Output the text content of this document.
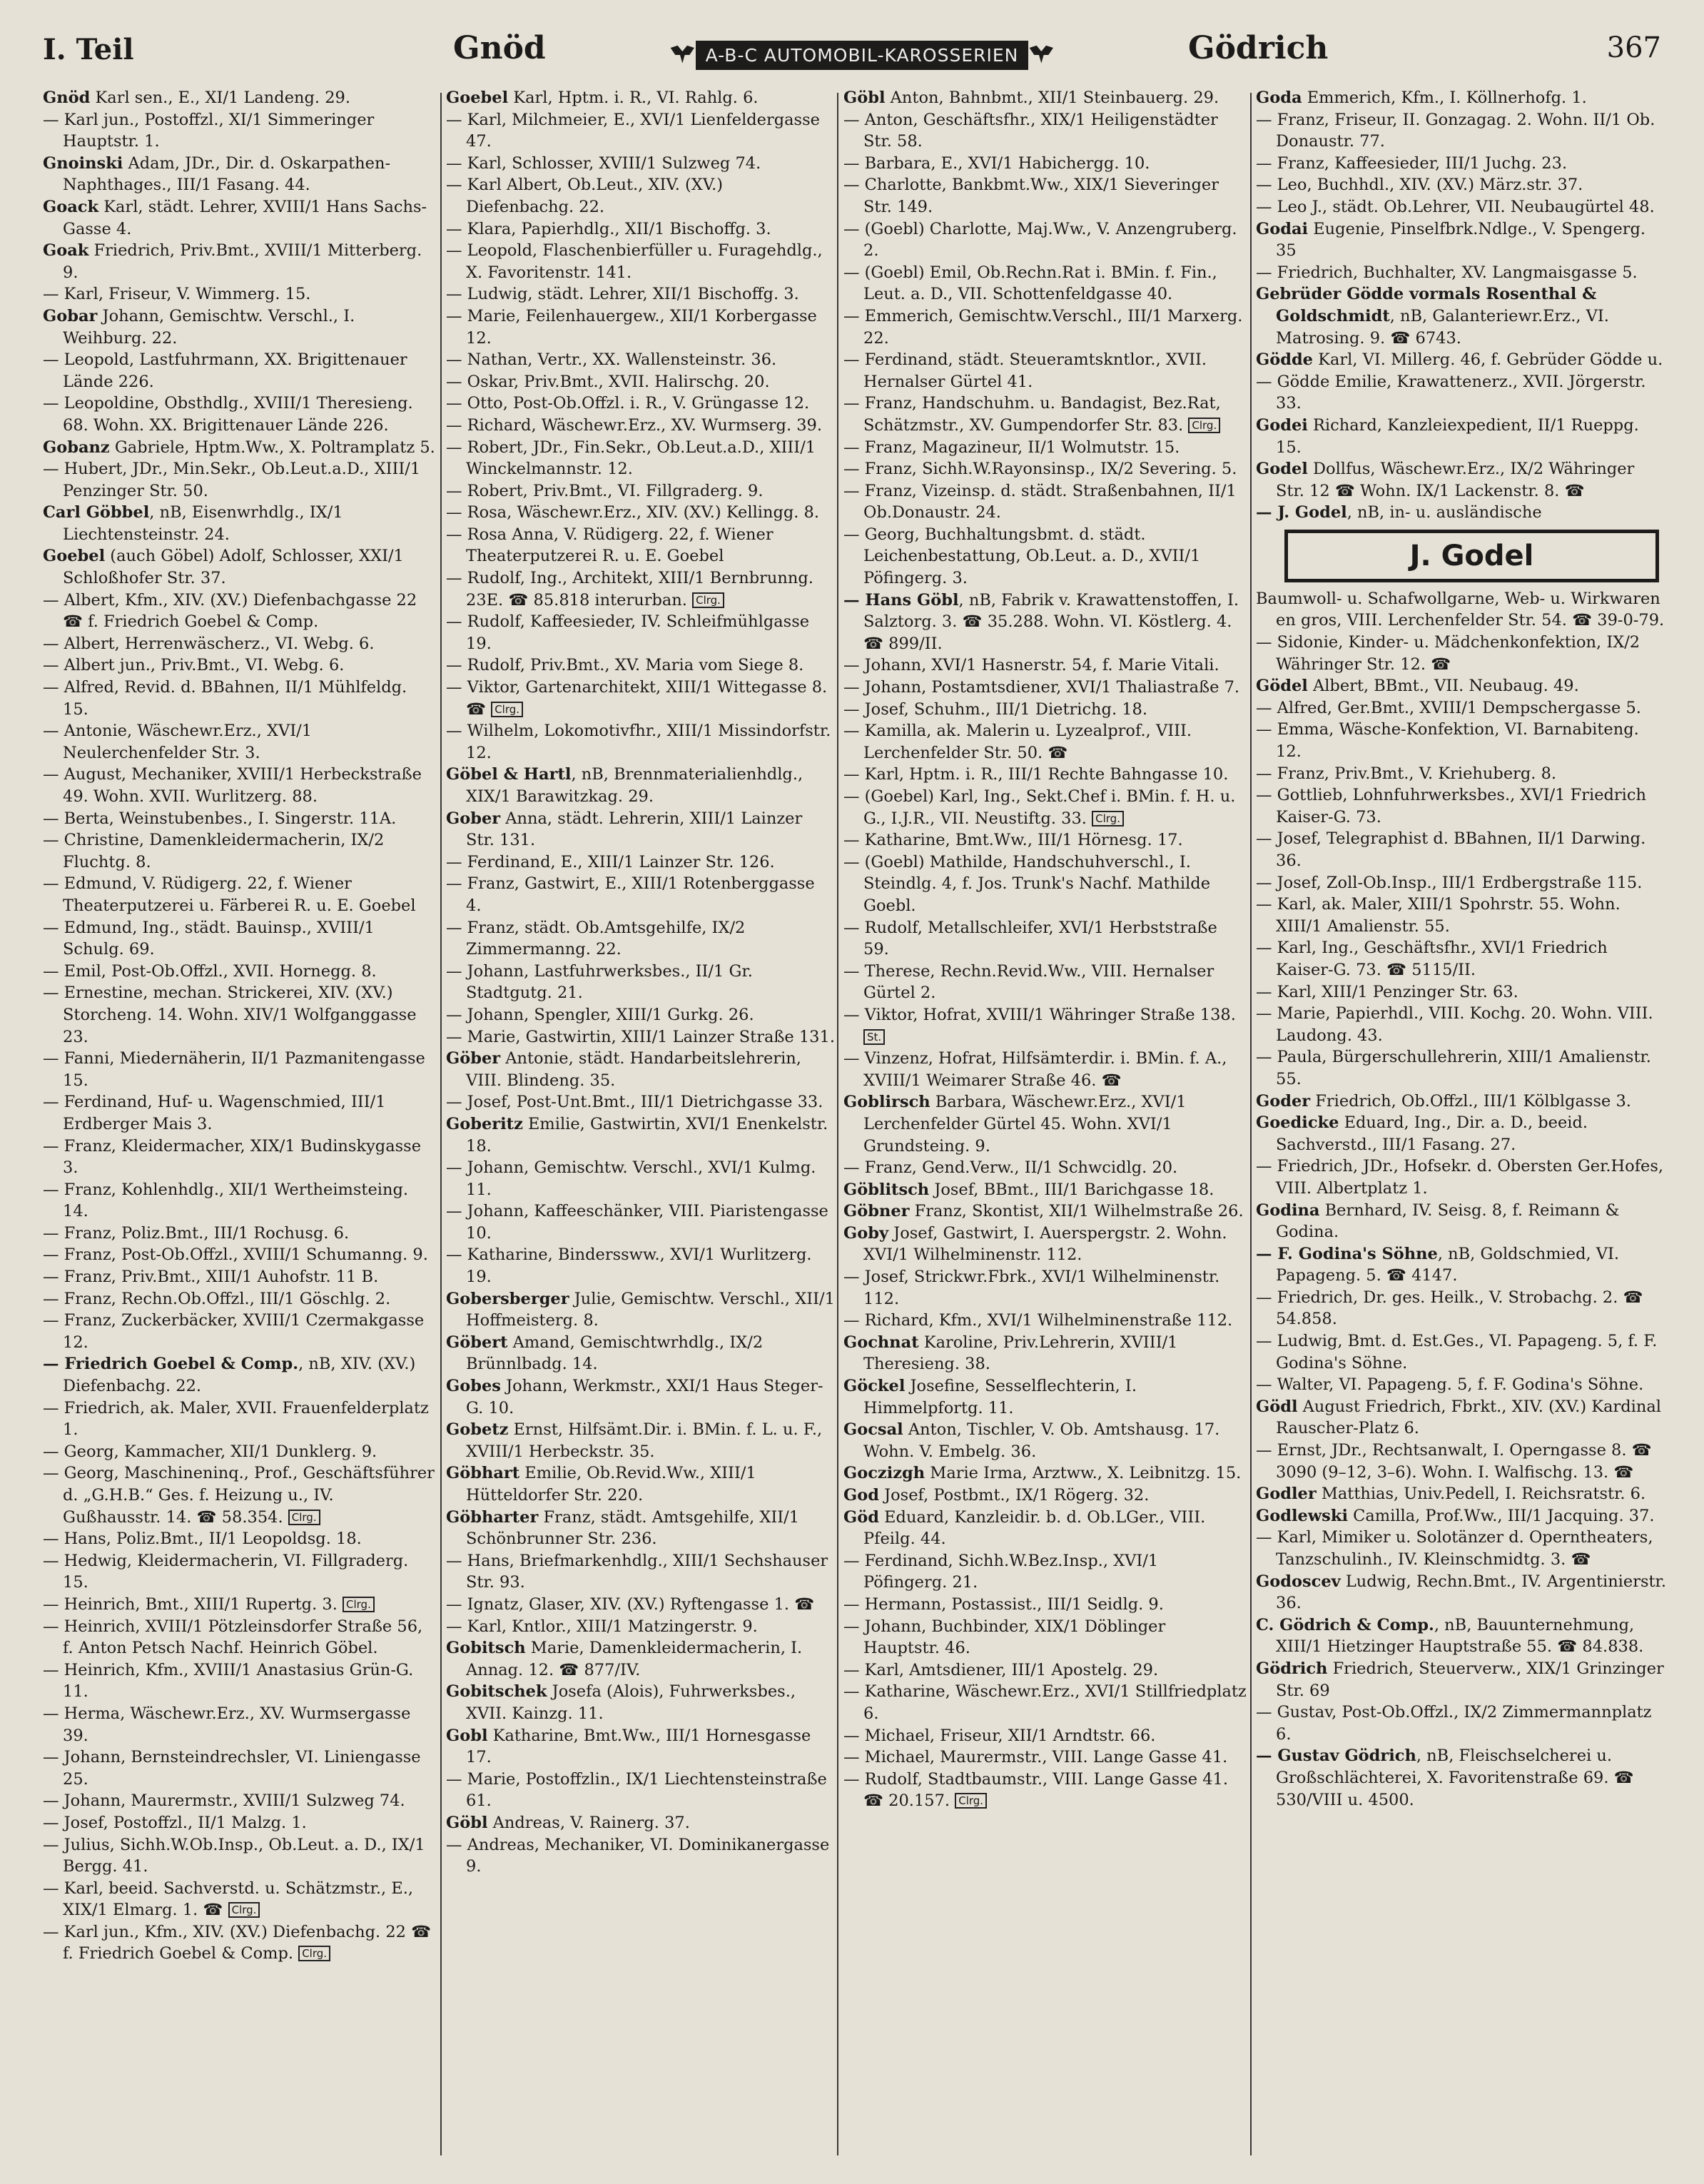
I. Teil	Gnöd	A-B-C AUTOMOBIL-KAROSSERIEN	Gödrich	367

Gnöd Karl sen., E., XI/1 Landeng. 29.

— Karl jun., Postoffzl., XI/1 Simmeringer Hauptstr. 1.

Gnoinski Adam, JDr., Dir. d. Oskarpathen-Naphthages., III/1 Fasang. 44.

Goack Karl, städt. Lehrer, XVIII/1 Hans Sachs-Gasse 4.

Goak Friedrich, Priv.Bmt., XVIII/1 Mitterberg. 9.

— Karl, Friseur, V. Wimmerg. 15.

Gobar Johann, Gemischtw. Verschl., I. Weihburg. 22.

— Leopold, Lastfuhrmann, XX. Brigittenauer Lände 226.

— Leopoldine, Obsthdlg., XVIII/1 Theresieng. 68. Wohn. XX. Brigittenauer Lände 226.

Gobanz Gabriele, Hptm.Ww., X. Poltramplatz 5.

— Hubert, JDr., Min.Sekr., Ob.Leut.a.D., XIII/1 Penzinger Str. 50.

Carl Göbbel, nB, Eisenwrhdlg., IX/1 Liechtensteinstr. 24.

Goebel (auch Göbel) Adolf, Schlosser, XXI/1 Schloßhofer Str. 37.

— Albert, Kfm., XIV. (XV.) Diefenbachgasse 22 ☎ f. Friedrich Goebel & Comp.

— Albert, Herrenwäscherz., VI. Webg. 6.

— Albert jun., Priv.Bmt., VI. Webg. 6.

— Alfred, Revid. d. BBahnen, II/1 Mühlfeldg. 15.

— Antonie, Wäschewr.Erz., XVI/1 Neulerchenfelder Str. 3.

— August, Mechaniker, XVIII/1 Herbeckstraße 49. Wohn. XVII. Wurlitzerg. 88.

— Berta, Weinstubenbes., I. Singerstr. 11A.

— Christine, Damenkleidermacherin, IX/2 Fluchtg. 8.

— Edmund, V. Rüdigerg. 22, f. Wiener Theaterputzerei u. Färberei R. u. E. Goebel

— Edmund, Ing., städt. Bauinsp., XVIII/1 Schulg. 69.

— Emil, Post-Ob.Offzl., XVII. Hornegg. 8.

— Ernestine, mechan. Strickerei, XIV. (XV.) Storcheng. 14. Wohn. XIV/1 Wolfganggasse 23.

— Fanni, Miedernäherin, II/1 Pazmanitengasse 15.

— Ferdinand, Huf- u. Wagenschmied, III/1 Erdberger Mais 3.

— Franz, Kleidermacher, XIX/1 Budinskygasse 3.

— Franz, Kohlenhdlg., XII/1 Wertheimsteing. 14.

— Franz, Poliz.Bmt., III/1 Rochusg. 6.

— Franz, Post-Ob.Offzl., XVIII/1 Schumanng. 9.

— Franz, Priv.Bmt., XIII/1 Auhofstr. 11 B.

— Franz, Rechn.Ob.Offzl., III/1 Göschlg. 2.

— Franz, Zuckerbäcker, XVIII/1 Czermakgasse 12.

— Friedrich Goebel & Comp., nB, XIV. (XV.) Diefenbachg. 22.

— Friedrich, ak. Maler, XVII. Frauenfelderplatz 1.

— Georg, Kammacher, XII/1 Dunklerg. 9.

— Georg, Maschineninq., Prof., Geschäftsführer d. „G.H.B.“ Ges. f. Heizung u., IV. Gußhausstr. 14. ☎ 58.354. Clrg.

— Hans, Poliz.Bmt., II/1 Leopoldsg. 18.

— Hedwig, Kleidermacherin, VI. Fillgraderg. 15.

— Heinrich, Bmt., XIII/1 Rupertg. 3. Clrg.

— Heinrich, XVIII/1 Pötzleinsdorfer Straße 56, f. Anton Petsch Nachf. Heinrich Göbel.

— Heinrich, Kfm., XVIII/1 Anastasius Grün-G. 11.

— Herma, Wäschewr.Erz., XV. Wurmsergasse 39.

— Johann, Bernsteindrechsler, VI. Liniengasse 25.

— Johann, Maurermstr., XVIII/1 Sulzweg 74.

— Josef, Postoffzl., II/1 Malzg. 1.

— Julius, Sichh.W.Ob.Insp., Ob.Leut. a. D., IX/1 Bergg. 41.

— Karl, beeid. Sachverstd. u. Schätzmstr., E., XIX/1 Elmarg. 1. ☎ Clrg.

— Karl jun., Kfm., XIV. (XV.) Diefenbachg. 22 ☎ f. Friedrich Goebel & Comp. Clrg.

Goebel Karl, Hptm. i. R., VI. Rahlg. 6.

— Karl, Milchmeier, E., XVI/1 Lienfeldergasse 47.

— Karl, Schlosser, XVIII/1 Sulzweg 74.

— Karl Albert, Ob.Leut., XIV. (XV.) Diefenbachg. 22.

— Klara, Papierhdlg., XII/1 Bischoffg. 3.

— Leopold, Flaschenbierfüller u. Furagehdlg., X. Favoritenstr. 141.

— Ludwig, städt. Lehrer, XII/1 Bischoffg. 3.

— Marie, Feilenhauergew., XII/1 Korbergasse 12.

— Nathan, Vertr., XX. Wallensteinstr. 36.

— Oskar, Priv.Bmt., XVII. Halirschg. 20.

— Otto, Post-Ob.Offzl. i. R., V. Grüngasse 12.

— Richard, Wäschewr.Erz., XV. Wurmserg. 39.

— Robert, JDr., Fin.Sekr., Ob.Leut.a.D., XIII/1 Winckelmannstr. 12.

— Robert, Priv.Bmt., VI. Fillgraderg. 9.

— Rosa, Wäschewr.Erz., XIV. (XV.) Kellingg. 8.

— Rosa Anna, V. Rüdigerg. 22, f. Wiener Theaterputzerei R. u. E. Goebel

— Rudolf, Ing., Architekt, XIII/1 Bernbrunng. 23E. ☎ 85.818 interurban. Clrg.

— Rudolf, Kaffeesieder, IV. Schleifmühlgasse 19.

— Rudolf, Priv.Bmt., XV. Maria vom Siege 8.

— Viktor, Gartenarchitekt, XIII/1 Wittegasse 8. ☎ Clrg.

— Wilhelm, Lokomotivfhr., XIII/1 Missindorfstr. 12.

Göbel & Hartl, nB, Brennmaterialienhdlg., XIX/1 Barawitzkag. 29.

Gober Anna, städt. Lehrerin, XIII/1 Lainzer Str. 131.

— Ferdinand, E., XIII/1 Lainzer Str. 126.

— Franz, Gastwirt, E., XIII/1 Rotenberggasse 4.

— Franz, städt. Ob.Amtsgehilfe, IX/2 Zimmermanng. 22.

— Johann, Lastfuhrwerksbes., II/1 Gr. Stadtgutg. 21.

— Johann, Spengler, XIII/1 Gurkg. 26.

— Marie, Gastwirtin, XIII/1 Lainzer Straße 131.

Göber Antonie, städt. Handarbeitslehrerin, VIII. Blindeng. 35.

— Josef, Post-Unt.Bmt., III/1 Dietrichgasse 33.

Goberitz Emilie, Gastwirtin, XVI/1 Enenkelstr. 18.

— Johann, Gemischtw. Verschl., XVI/1 Kulmg. 11.

— Johann, Kaffeeschänker, VIII. Piaristengasse 10.

— Katharine, Binderssww., XVI/1 Wurlitzerg. 19.

Gobersberger Julie, Gemischtw. Verschl., XII/1 Hoffmeisterg. 8.

Göbert Amand, Gemischtwrhdlg., IX/2 Brünnlbadg. 14.

Gobes Johann, Werkmstr., XXI/1 Haus Steger-G. 10.

Gobetz Ernst, Hilfsämt.Dir. i. BMin. f. L. u. F., XVIII/1 Herbeckstr. 35.

Göbhart Emilie, Ob.Revid.Ww., XIII/1 Hütteldorfer Str. 220.

Göbharter Franz, städt. Amtsgehilfe, XII/1 Schönbrunner Str. 236.

— Hans, Briefmarkenhdlg., XIII/1 Sechshauser Str. 93.

— Ignatz, Glaser, XIV. (XV.) Ryftengasse 1. ☎

— Karl, Kntlor., XIII/1 Matzingerstr. 9.

Gobitsch Marie, Damenkleidermacherin, I. Annag. 12. ☎ 877/IV.

Gobitschek Josefa (Alois), Fuhrwerksbes., XVII. Kainzg. 11.

Gobl Katharine, Bmt.Ww., III/1 Hornesgasse 17.

— Marie, Postoffzlin., IX/1 Liechtensteinstraße 61.

Göbl Andreas, V. Rainerg. 37.

— Andreas, Mechaniker, VI. Dominikanergasse 9.

Göbl Anton, Bahnbmt., XII/1 Steinbauerg. 29.

— Anton, Geschäftsfhr., XIX/1 Heiligenstädter Str. 58.

— Barbara, E., XVI/1 Habichergg. 10.

— Charlotte, Bankbmt.Ww., XIX/1 Sieveringer Str. 149.

— (Goebl) Charlotte, Maj.Ww., V. Anzengruberg. 2.

— (Goebl) Emil, Ob.Rechn.Rat i. BMin. f. Fin., Leut. a. D., VII. Schottenfeldgasse 40.

— Emmerich, Gemischtw.Verschl., III/1 Marxerg. 22.

— Ferdinand, städt. Steueramtskntlor., XVII. Hernalser Gürtel 41.

— Franz, Handschuhm. u. Bandagist, Bez.Rat, Schätzmstr., XV. Gumpendorfer Str. 83. Clrg.

— Franz, Magazineur, II/1 Wolmutstr. 15.

— Franz, Sichh.W.Rayonsinsp., IX/2 Severing. 5.

— Franz, Vizeinsp. d. städt. Straßenbahnen, II/1 Ob.Donaustr. 24.

— Georg, Buchhaltungsbmt. d. städt. Leichenbestattung, Ob.Leut. a. D., XVII/1 Pöfingerg. 3.

— Hans Göbl, nB, Fabrik v. Krawattenstoffen, I. Salztorg. 3. ☎ 35.288. Wohn. VI. Köstlerg. 4. ☎ 899/II.

— Johann, XVI/1 Hasnerstr. 54, f. Marie Vitali.

— Johann, Postamtsdiener, XVI/1 Thaliastraße 7.

— Josef, Schuhm., III/1 Dietrichg. 18.

— Kamilla, ak. Malerin u. Lyzealprof., VIII. Lerchenfelder Str. 50. ☎

— Karl, Hptm. i. R., III/1 Rechte Bahngasse 10.

— (Goebel) Karl, Ing., Sekt.Chef i. BMin. f. H. u. G., I.J.R., VII. Neustiftg. 33. Clrg.

— Katharine, Bmt.Ww., III/1 Hörnesg. 17.

— (Goebl) Mathilde, Handschuhverschl., I. Steindlg. 4, f. Jos. Trunk's Nachf. Mathilde Goebl.

— Rudolf, Metallschleifer, XVI/1 Herbststraße 59.

— Therese, Rechn.Revid.Ww., VIII. Hernalser Gürtel 2.

— Viktor, Hofrat, XVIII/1 Währinger Straße 138. St.

— Vinzenz, Hofrat, Hilfsämterdir. i. BMin. f. A., XVIII/1 Weimarer Straße 46. ☎

Goblirsch Barbara, Wäschewr.Erz., XVI/1 Lerchenfelder Gürtel 45. Wohn. XVI/1 Grundsteing. 9.

— Franz, Gend.Verw., II/1 Schwcidlg. 20.

Göblitsch Josef, BBmt., III/1 Barichgasse 18.

Göbner Franz, Skontist, XII/1 Wilhelmstraße 26.

Goby Josef, Gastwirt, I. Auerspergstr. 2. Wohn. XVI/1 Wilhelminenstr. 112.

— Josef, Strickwr.Fbrk., XVI/1 Wilhelminenstr. 112.

— Richard, Kfm., XVI/1 Wilhelminenstraße 112.

Gochnat Karoline, Priv.Lehrerin, XVIII/1 Theresieng. 38.

Göckel Josefine, Sesselflechterin, I. Himmelpfortg. 11.

Gocsal Anton, Tischler, V. Ob. Amtshausg. 17. Wohn. V. Embelg. 36.

Goczizgh Marie Irma, Arztww., X. Leibnitzg. 15.

God Josef, Postbmt., IX/1 Rögerg. 32.

Göd Eduard, Kanzleidir. b. d. Ob.LGer., VIII. Pfeilg. 44.

— Ferdinand, Sichh.W.Bez.Insp., XVI/1 Pöfingerg. 21.

— Hermann, Postassist., III/1 Seidlg. 9.

— Johann, Buchbinder, XIX/1 Döblinger Hauptstr. 46.

— Karl, Amtsdiener, III/1 Apostelg. 29.

— Katharine, Wäschewr.Erz., XVI/1 Stillfriedplatz 6.

— Michael, Friseur, XII/1 Arndtstr. 66.

— Michael, Maurermstr., VIII. Lange Gasse 41.

— Rudolf, Stadtbaumstr., VIII. Lange Gasse 41. ☎ 20.157. Clrg.

Goda Emmerich, Kfm., I. Köllnerhofg. 1.

— Franz, Friseur, II. Gonzagag. 2. Wohn. II/1 Ob. Donaustr. 77.

— Franz, Kaffeesieder, III/1 Juchg. 23.

— Leo, Buchhdl., XIV. (XV.) März.str. 37.

— Leo J., städt. Ob.Lehrer, VII. Neubaugürtel 48.

Godai Eugenie, Pinselfbrk.Ndlge., V. Spengerg. 35

— Friedrich, Buchhalter, XV. Langmaisgasse 5.

Gebrüder Gödde vormals Rosenthal & Goldschmidt, nB, Galanteriewr.Erz., VI. Matrosing. 9. ☎ 6743.

Gödde Karl, VI. Millerg. 46, f. Gebrüder Gödde u.

— Gödde Emilie, Krawattenerz., XVII. Jörgerstr. 33.

Godei Richard, Kanzleiexpedient, II/1 Rueppg. 15.

Godel Dollfus, Wäschewr.Erz., IX/2 Währinger Str. 12 ☎ Wohn. IX/1 Lackenstr. 8. ☎

— J. Godel, nB, in- u. ausländische

J. Godel

Baumwoll- u. Schafwollgarne, Web- u. Wirkwaren en gros, VIII. Lerchenfelder Str. 54. ☎ 39-0-79.

— Sidonie, Kinder- u. Mädchenkonfektion, IX/2 Währinger Str. 12. ☎

Gödel Albert, BBmt., VII. Neubaug. 49.

— Alfred, Ger.Bmt., XVIII/1 Dempschergasse 5.

— Emma, Wäsche-Konfektion, VI. Barnabiteng. 12.

— Franz, Priv.Bmt., V. Kriehuberg. 8.

— Gottlieb, Lohnfuhrwerksbes., XVI/1 Friedrich Kaiser-G. 73.

— Josef, Telegraphist d. BBahnen, II/1 Darwing. 36.

— Josef, Zoll-Ob.Insp., III/1 Erdbergstraße 115.

— Karl, ak. Maler, XIII/1 Spohrstr. 55. Wohn. XIII/1 Amalienstr. 55.

— Karl, Ing., Geschäftsfhr., XVI/1 Friedrich Kaiser-G. 73. ☎ 5115/II.

— Karl, XIII/1 Penzinger Str. 63.

— Marie, Papierhdl., VIII. Kochg. 20. Wohn. VIII. Laudong. 43.

— Paula, Bürgerschullehrerin, XIII/1 Amalienstr. 55.

Goder Friedrich, Ob.Offzl., III/1 Kölblgasse 3.

Goedicke Eduard, Ing., Dir. a. D., beeid. Sachverstd., III/1 Fasang. 27.

— Friedrich, JDr., Hofsekr. d. Obersten Ger.Hofes, VIII. Albertplatz 1.

Godina Bernhard, IV. Seisg. 8, f. Reimann & Godina.

— F. Godina's Söhne, nB, Goldschmied, VI. Papageng. 5. ☎ 4147.

— Friedrich, Dr. ges. Heilk., V. Strobachg. 2. ☎ 54.858.

— Ludwig, Bmt. d. Est.Ges., VI. Papageng. 5, f. F. Godina's Söhne.

— Walter, VI. Papageng. 5, f. F. Godina's Söhne.

Gödl August Friedrich, Fbrkt., XIV. (XV.) Kardinal Rauscher-Platz 6.

— Ernst, JDr., Rechtsanwalt, I. Operngasse 8. ☎ 3090 (9–12, 3–6). Wohn. I. Walfischg. 13. ☎

Godler Matthias, Univ.Pedell, I. Reichsratstr. 6.

Godlewski Camilla, Prof.Ww., III/1 Jacquing. 37.

— Karl, Mimiker u. Solotänzer d. Operntheaters, Tanzschulinh., IV. Kleinschmidtg. 3. ☎

Godoscev Ludwig, Rechn.Bmt., IV. Argentinierstr. 36.

C. Gödrich & Comp., nB, Bauunternehmung, XIII/1 Hietzinger Hauptstraße 55. ☎ 84.838.

Gödrich Friedrich, Steuerverw., XIX/1 Grinzinger Str. 69

— Gustav, Post-Ob.Offzl., IX/2 Zimmermannplatz 6.

— Gustav Gödrich, nB, Fleischselcherei u. Großschlächterei, X. Favoritenstraße 69. ☎ 530/VIII u. 4500.
